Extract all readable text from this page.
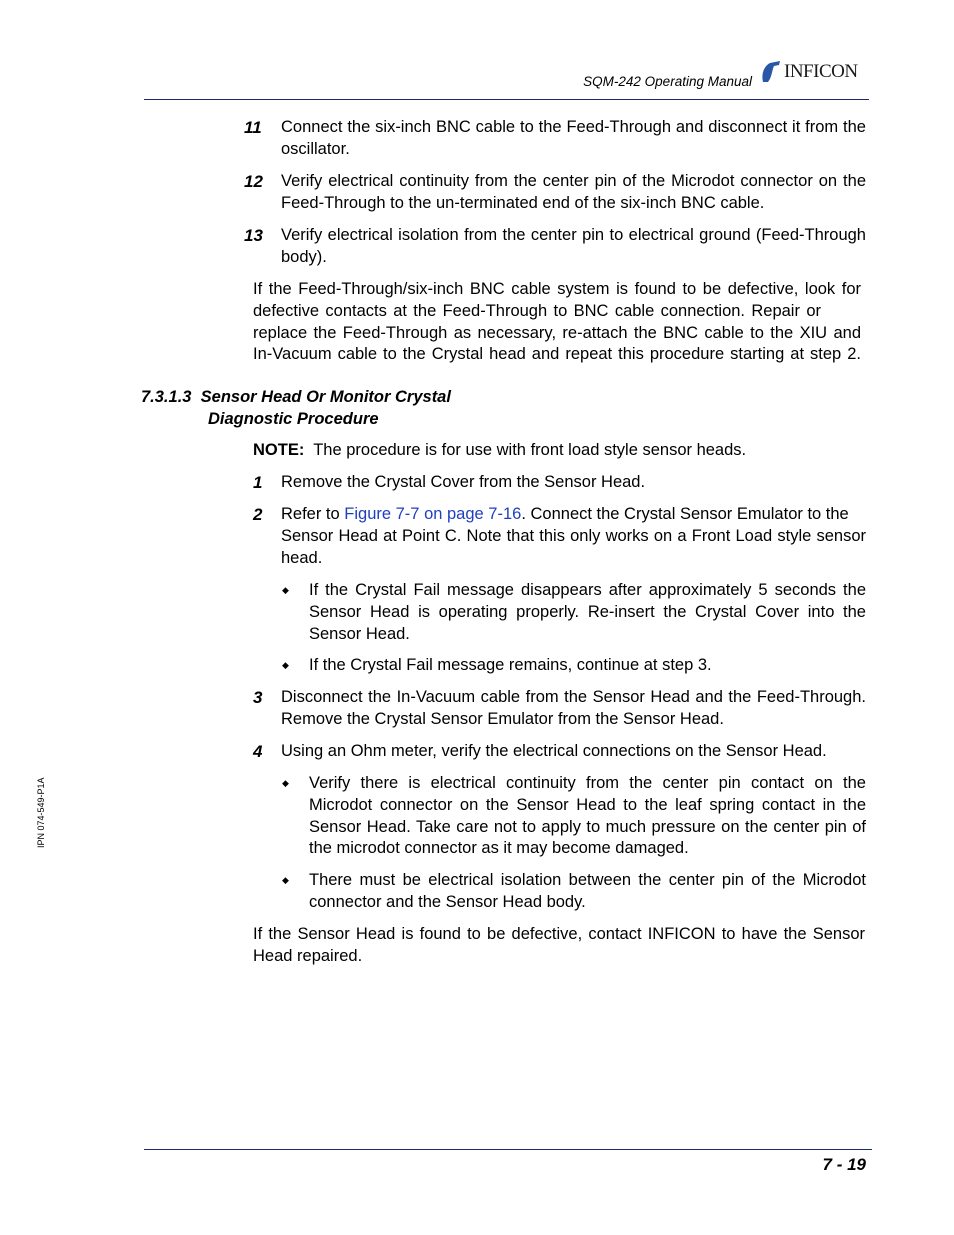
SQM-242 Operating Manual INFICON
IPN 074-549-P1A
If the Feed-Through/six-inch BNC cable system is found to be defective, look for
defective contacts at the Feed-Through to BNC cable connection. Repair or
replace the Feed-Through as necessary, re-attach the BNC cable to the XIU and
In-Vacuum cable to the Crystal head and repeat this procedure starting at step 2.
7.3.1.3 Sensor Head Or Monitor Crystal
Diagnostic Procedure
NOTE: The procedure is for use with front load style sensor heads.
1 Remove the Crystal Cover from the Sensor Head.
2 Refer to Figure 7-7 on page 7-16. Connect the Crystal Sensor Emulator to the
Sensor Head at Point C. Note that this only works on a Front Load style sensor
head.
3 Disconnect the In-Vacuum cable from the Sensor Head and the Feed-Through.
Remove the Crystal Sensor Emulator from the Sensor Head.
4 Using an Ohm meter, verify the electrical connections on the Sensor Head.
If the Sensor Head is found to be defective, contact INFICON to have the Sensor
Head repaired.
7 - 19
11 Connect the six-inch BNC cable to the Feed-Through and disconnect it from the
oscillator.
12 Verify electrical continuity from the center pin of the Microdot connector on the
Feed-Through to the un-terminated end of the six-inch BNC cable.
13 Verify electrical isolation from the center pin to electrical ground (Feed-Through
body).
◆ If the Crystal Fail message disappears after approximately 5 seconds the
Sensor Head is operating properly. Re-insert the Crystal Cover into the
Sensor Head.
◆ If the Crystal Fail message remains, continue at step 3.
◆ Verify there is electrical continuity from the center pin contact on the
Microdot connector on the Sensor Head to the leaf spring contact in the
Sensor Head. Take care not to apply to much pressure on the center pin of
the microdot connector as it may become damaged.
◆ There must be electrical isolation between the center pin of the Microdot
connector and the Sensor Head body.
